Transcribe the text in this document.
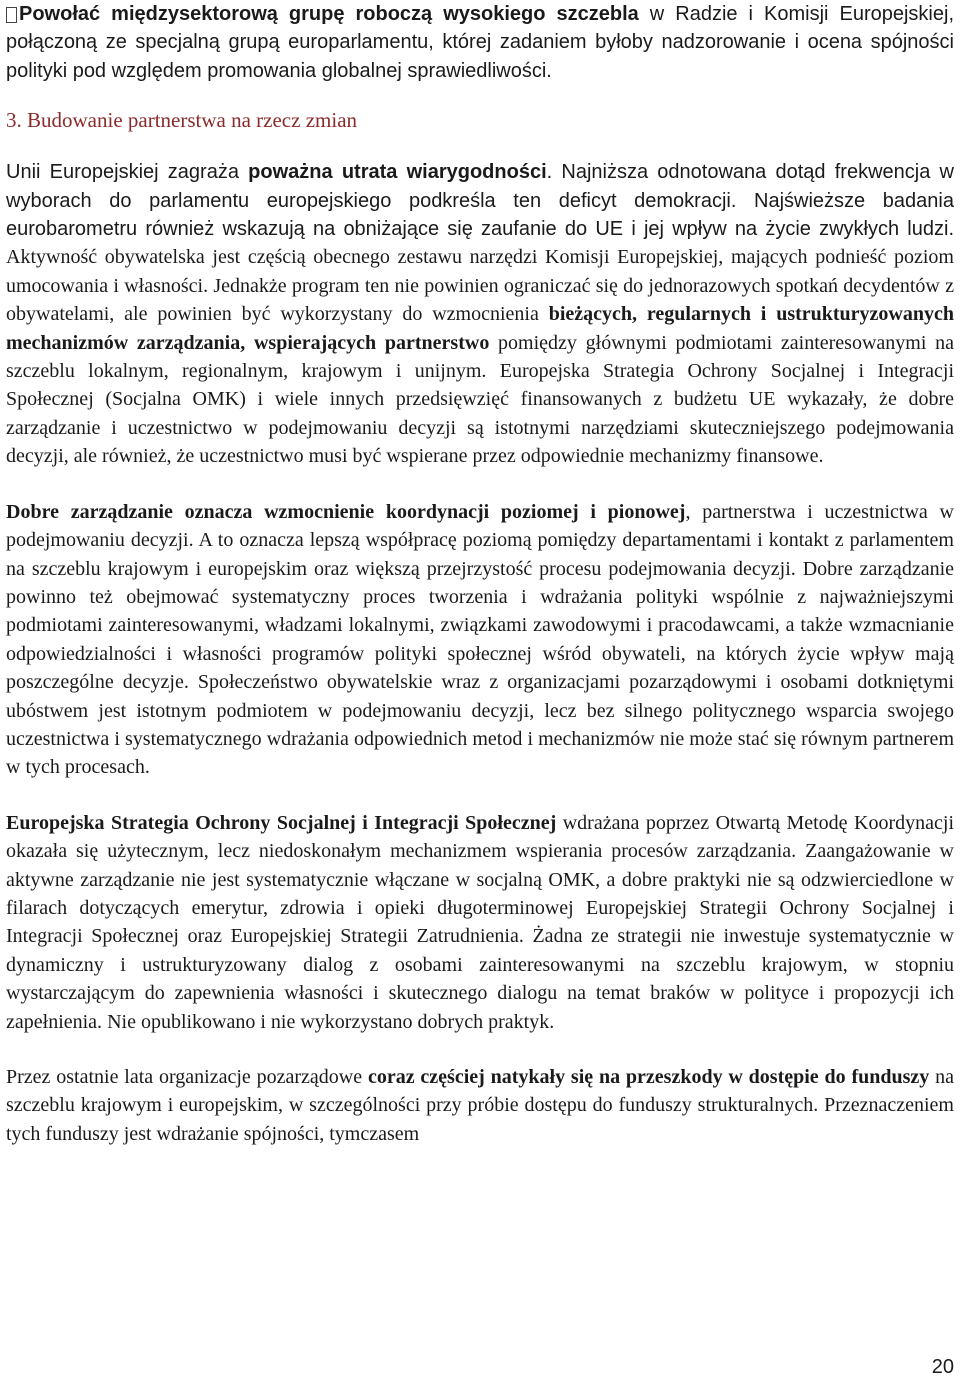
Powołać międzysektorową grupę roboczą wysokiego szczebla w Radzie i Komisji Europejskiej, połączoną ze specjalną grupą europarlamentu, której zadaniem byłoby nadzorowanie i ocena spójności polityki pod względem promowania globalnej sprawiedliwości.

3. Budowanie partnerstwa na rzecz zmian

Unii Europejskiej zagraża poważna utrata wiarygodności. Najniższa odnotowana dotąd frekwencja w wyborach do parlamentu europejskiego podkreśla ten deficyt demokracji. Najświeższe badania eurobarometru również wskazują na obniżające się zaufanie do UE i jej wpływ na życie zwykłych ludzi. Aktywność obywatelska jest częścią obecnego zestawu narzędzi Komisji Europejskiej, mających podnieść poziom umocowania i własności. Jednakże program ten nie powinien ograniczać się do jednorazowych spotkań decydentów z obywatelami, ale powinien być wykorzystany do wzmocnienia bieżących, regularnych i ustrukturyzowanych mechanizmów zarządzania, wspierających partnerstwo pomiędzy głównymi podmiotami zainteresowanymi na szczeblu lokalnym, regionalnym, krajowym i unijnym. Europejska Strategia Ochrony Socjalnej i Integracji Społecznej (Socjalna OMK) i wiele innych przedsięwzięć finansowanych z budżetu UE wykazały, że dobre zarządzanie i uczestnictwo w podejmowaniu decyzji są istotnymi narzędziami skuteczniejszego podejmowania decyzji, ale również, że uczestnictwo musi być wspierane przez odpowiednie mechanizmy finansowe.

Dobre zarządzanie oznacza wzmocnienie koordynacji poziomej i pionowej, partnerstwa i uczestnictwa w podejmowaniu decyzji. A to oznacza lepszą współpracę poziomą pomiędzy departamentami i kontakt z parlamentem na szczeblu krajowym i europejskim oraz większą przejrzystość procesu podejmowania decyzji. Dobre zarządzanie powinno też obejmować systematyczny proces tworzenia i wdrażania polityki wspólnie z najważniejszymi podmiotami zainteresowanymi, władzami lokalnymi, związkami zawodowymi i pracodawcami, a także wzmacnianie odpowiedzialności i własności programów polityki społecznej wśród obywateli, na których życie wpływ mają poszczególne decyzje. Społeczeństwo obywatelskie wraz z organizacjami pozarządowymi i osobami dotkniętymi ubóstwem jest istotnym podmiotem w podejmowaniu decyzji, lecz bez silnego politycznego wsparcia swojego uczestnictwa i systematycznego wdrażania odpowiednich metod i mechanizmów nie może stać się równym partnerem w tych procesach.

Europejska Strategia Ochrony Socjalnej i Integracji Społecznej wdrażana poprzez Otwartą Metodę Koordynacji okazała się użytecznym, lecz niedoskonałym mechanizmem wspierania procesów zarządzania. Zaangażowanie w aktywne zarządzanie nie jest systematycznie włączane w socjalną OMK, a dobre praktyki nie są odzwierciedlone w filarach dotyczących emerytur, zdrowia i opieki długoterminowej Europejskiej Strategii Ochrony Socjalnej i Integracji Społecznej oraz Europejskiej Strategii Zatrudnienia. Żadna ze strategii nie inwestuje systematycznie w dynamiczny i ustrukturyzowany dialog z osobami zainteresowanymi na szczeblu krajowym, w stopniu wystarczającym do zapewnienia własności i skutecznego dialogu na temat braków w polityce i propozycji ich zapełnienia. Nie opublikowano i nie wykorzystano dobrych praktyk.

Przez ostatnie lata organizacje pozarządowe coraz częściej natykały się na przeszkody w dostępie do funduszy na szczeblu krajowym i europejskim, w szczególności przy próbie dostępu do funduszy strukturalnych. Przeznaczeniem tych funduszy jest wdrażanie spójności, tymczasem

20
